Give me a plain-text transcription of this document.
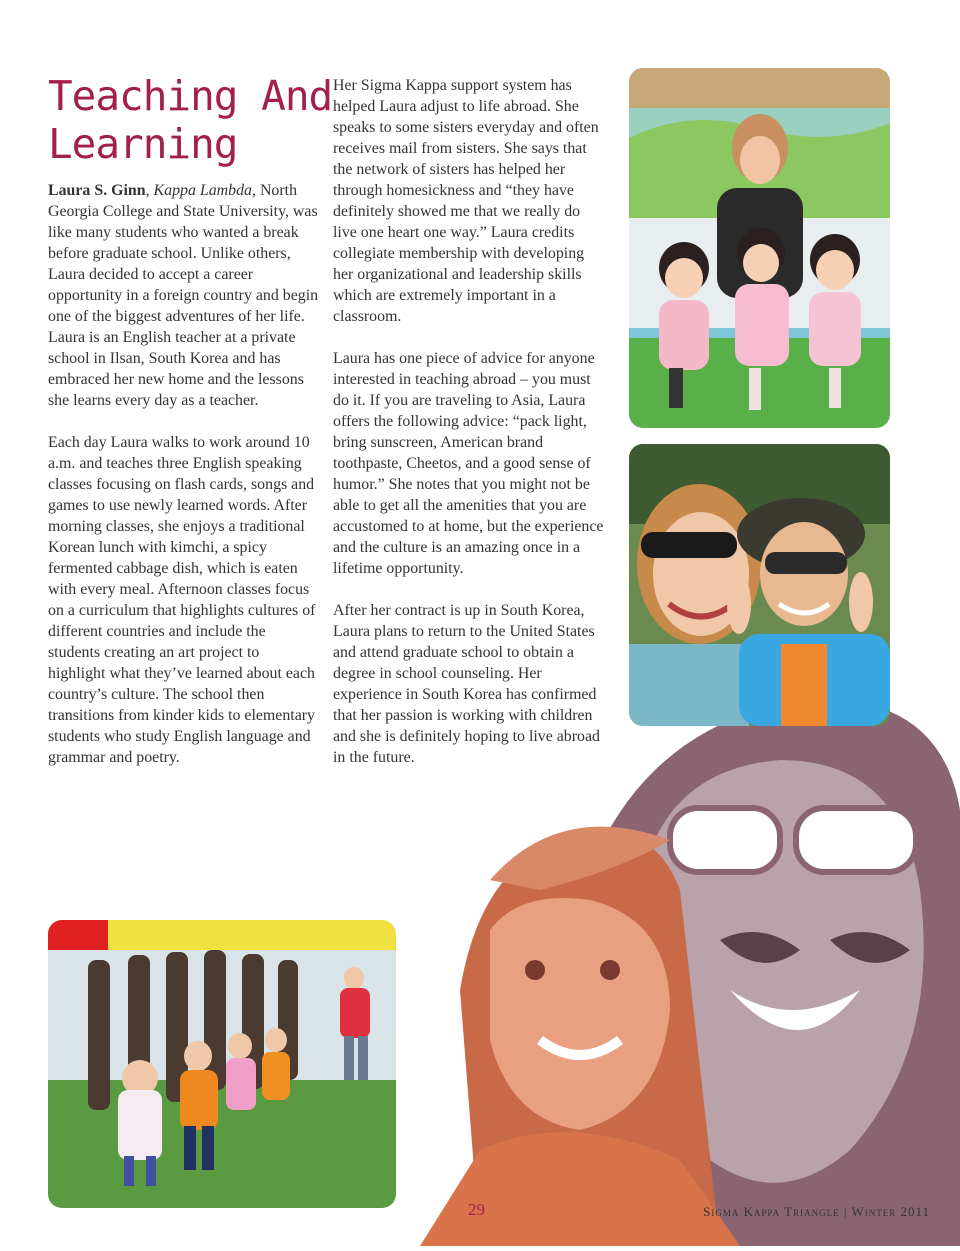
Teaching And
Learning

Laura S. Ginn, Kappa Lambda, North Georgia College and State University, was like many students who wanted a break before graduate school. Unlike others, Laura decided to accept a career opportunity in a foreign country and begin one of the biggest adventures of her life. Laura is an English teacher at a private school in Ilsan, South Korea and has embraced her new home and the lessons she learns every day as a teacher.

Each day Laura walks to work around 10 a.m. and teaches three English speaking classes focusing on flash cards, songs and games to use newly learned words. After morning classes, she enjoys a traditional Korean lunch with kimchi, a spicy fermented cabbage dish, which is eaten with every meal. Afternoon classes focus on a curriculum that highlights cultures of different countries and include the students creating an art project to highlight what they’ve learned about each country’s culture. The school then transitions from kinder kids to elementary students who study English language and grammar and poetry.

Her Sigma Kappa support system has helped Laura adjust to life abroad. She speaks to some sisters everyday and often receives mail from sisters. She says that the network of sisters has helped her through homesickness and “they have definitely showed me that we really do live one heart one way.” Laura credits collegiate membership with developing her organizational and leadership skills which are extremely important in a classroom.

Laura has one piece of advice for anyone interested in teaching abroad – you must do it. If you are traveling to Asia, Laura offers the following advice: “pack light, bring sunscreen, American brand toothpaste, Cheetos, and a good sense of humor.” She notes that you might not be able to get all the amenities that you are accustomed to at home, but the experience and the culture is an amazing once in a lifetime opportunity.

After her contract is up in South Korea, Laura plans to return to the United States and attend graduate school to obtain a degree in school counseling. Her experience in South Korea has confirmed that her passion is working with children and she is definitely hoping to live abroad in the future.

29	Sigma Kappa Triangle | Winter 2011
